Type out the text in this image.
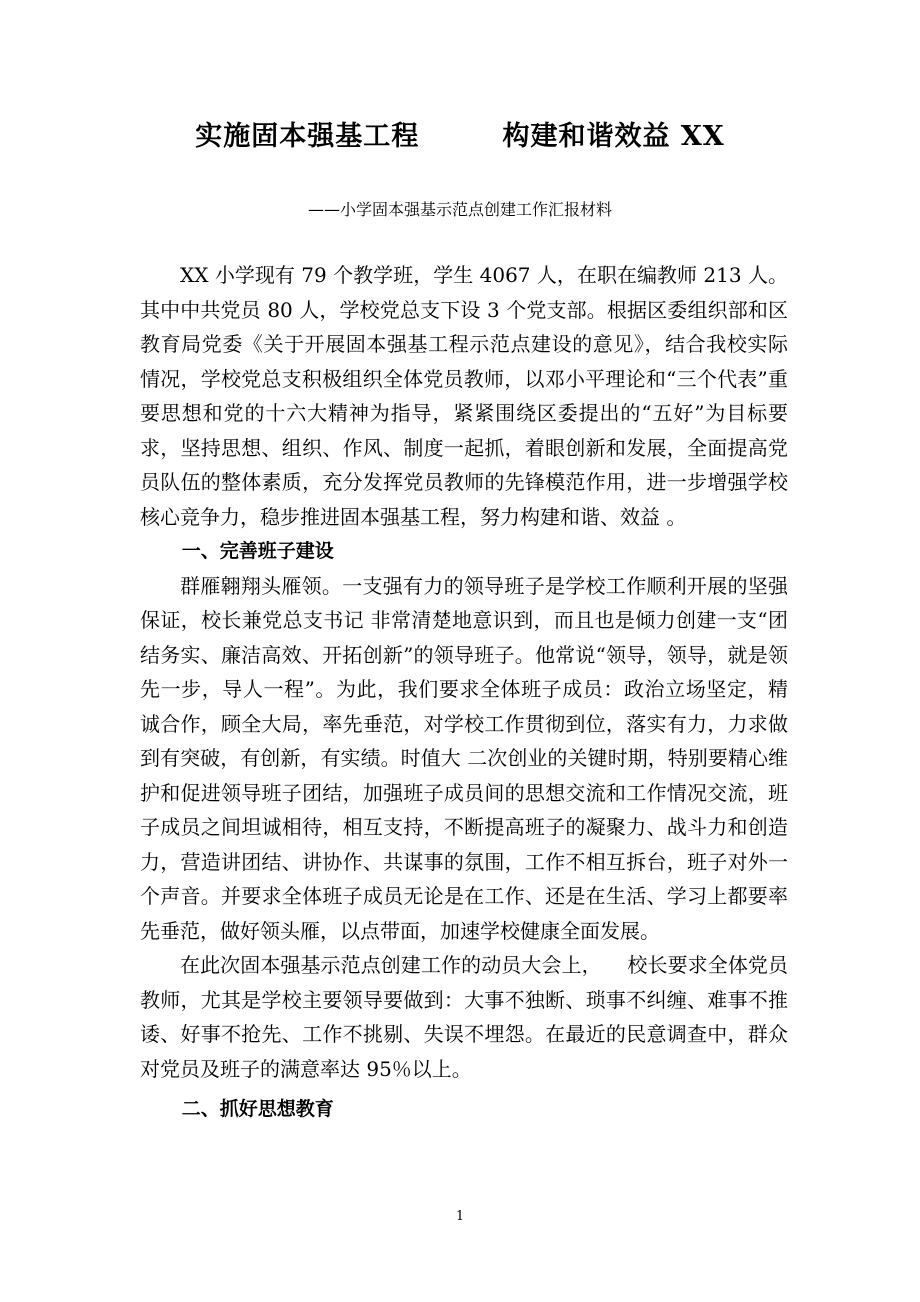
实施固本强基工程        构建和谐效益 XX
——小学固本强基示范点创建工作汇报材料

XX 小学现有 79 个教学班，学生 4067 人，在职在编教师 213 人。其中中共党员 80 人，学校党总支下设 3 个党支部。根据区委组织部和区教育局党委《关于开展固本强基工程示范点建设的意见》，结合我校实际情况，学校党总支积极组织全体党员教师，以邓小平理论和“三个代表”重要思想和党的十六大精神为指导，紧紧围绕区委提出的“五好”为目标要求，坚持思想、组织、作风、制度一起抓，着眼创新和发展，全面提高党员队伍的整体素质，充分发挥党员教师的先锋模范作用，进一步增强学校核心竞争力，稳步推进固本强基工程，努力构建和谐、效益 。

一、完善班子建设

群雁翱翔头雁领。一支强有力的领导班子是学校工作顺利开展的坚强保证，校长兼党总支书记 非常清楚地意识到，而且也是倾力创建一支“团结务实、廉洁高效、开拓创新”的领导班子。他常说“领导，领导，就是领先一步，导人一程”。为此，我们要求全体班子成员：政治立场坚定，精诚合作，顾全大局，率先垂范，对学校工作贯彻到位，落实有力，力求做到有突破，有创新，有实绩。时值大 二次创业的关键时期，特别要精心维护和促进领导班子团结，加强班子成员间的思想交流和工作情况交流，班子成员之间坦诚相待，相互支持，不断提高班子的凝聚力、战斗力和创造力，营造讲团结、讲协作、共谋事的氛围，工作不相互拆台，班子对外一个声音。并要求全体班子成员无论是在工作、还是在生活、学习上都要率先垂范，做好领头雁，以点带面，加速学校健康全面发展。

在此次固本强基示范点创建工作的动员大会上，    校长要求全体党员教师，尤其是学校主要领导要做到：大事不独断、琐事不纠缠、难事不推诿、好事不抢先、工作不挑剔、失误不埋怨。在最近的民意调查中，群众对党员及班子的满意率达 95％以上。

二、抓好思想教育

1
